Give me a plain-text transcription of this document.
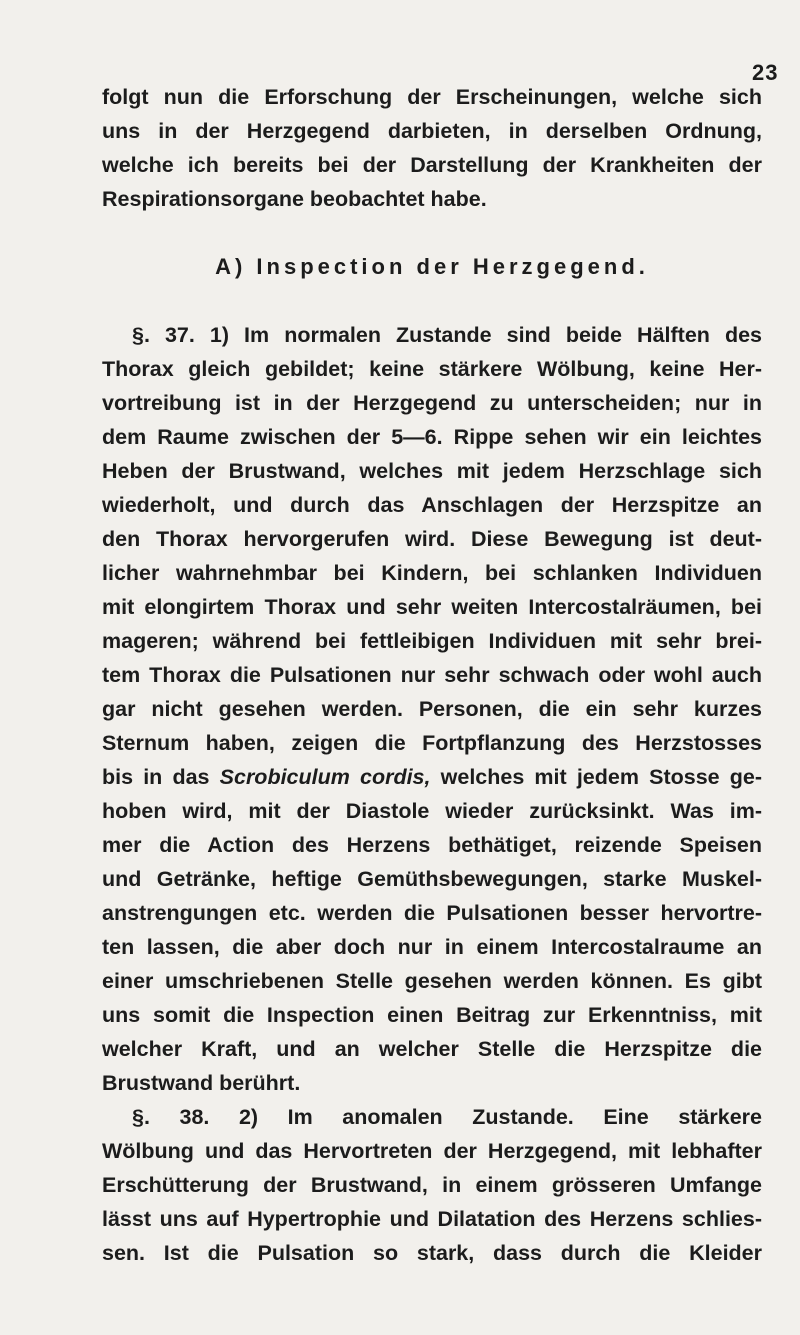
23
folgt nun die Erforschung der Erscheinungen, welche sich
uns in der Herzgegend darbieten, in derselben Ordnung,
welche ich bereits bei der Darstellung der Krankheiten der
Respirationsorgane beobachtet habe.
A) Inspection der Herzgegend.
§. 37. 1) Im normalen Zustande sind beide Hälften des
Thorax gleich gebildet; keine stärkere Wölbung, keine Her-
vortreibung ist in der Herzgegend zu unterscheiden; nur in
dem Raume zwischen der 5—6. Rippe sehen wir ein leichtes
Heben der Brustwand, welches mit jedem Herzschlage sich
wiederholt, und durch das Anschlagen der Herzspitze an
den Thorax hervorgerufen wird. Diese Bewegung ist deut-
licher wahrnehmbar bei Kindern, bei schlanken Individuen
mit elongirtem Thorax und sehr weiten Intercostalräumen, bei
mageren; während bei fettleibigen Individuen mit sehr brei-
tem Thorax die Pulsationen nur sehr schwach oder wohl auch
gar nicht gesehen werden. Personen, die ein sehr kurzes
Sternum haben, zeigen die Fortpflanzung des Herzstosses
bis in das Scrobiculum cordis, welches mit jedem Stosse ge-
hoben wird, mit der Diastole wieder zurücksinkt. Was im-
mer die Action des Herzens bethätiget, reizende Speisen
und Getränke, heftige Gemüthsbewegungen, starke Muskel-
anstrengungen etc. werden die Pulsationen besser hervortre-
ten lassen, die aber doch nur in einem Intercostalraume an
einer umschriebenen Stelle gesehen werden können. Es gibt
uns somit die Inspection einen Beitrag zur Erkenntniss, mit
welcher Kraft, und an welcher Stelle die Herzspitze die
Brustwand berührt.
§. 38. 2) Im anomalen Zustande. Eine stärkere
Wölbung und das Hervortreten der Herzgegend, mit lebhafter
Erschütterung der Brustwand, in einem grösseren Umfange
lässt uns auf Hypertrophie und Dilatation des Herzens schlies-
sen. Ist die Pulsation so stark, dass durch die Kleider
